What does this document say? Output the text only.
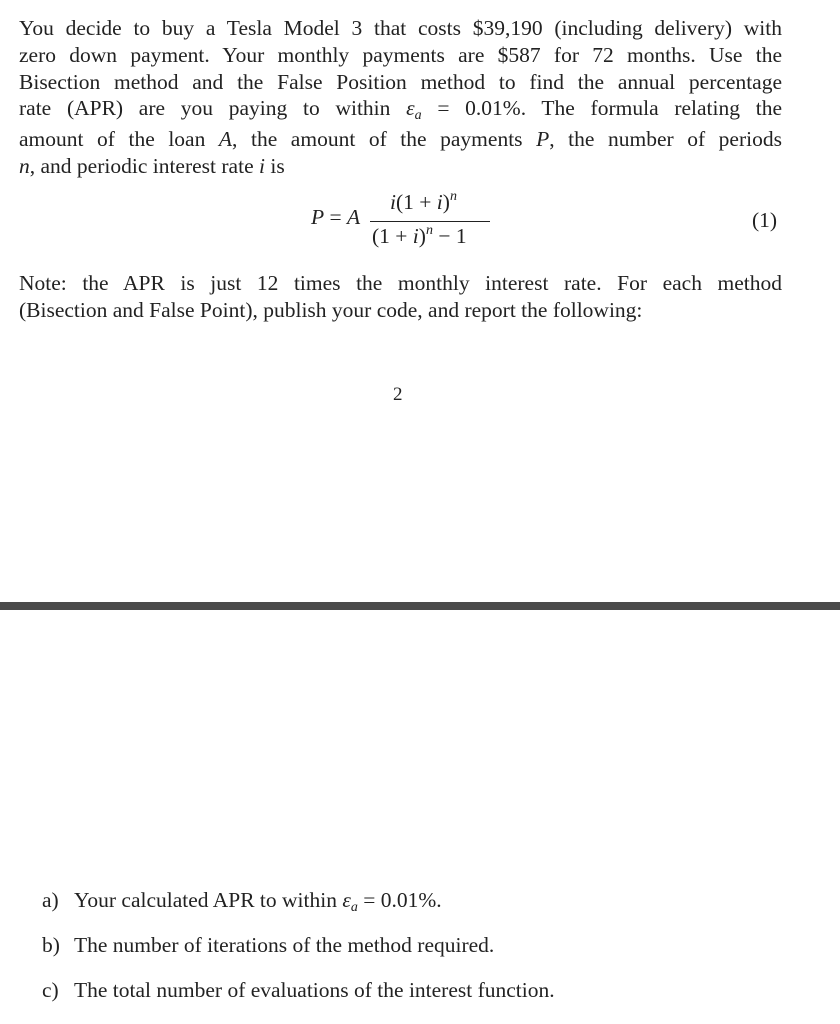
You decide to buy a Tesla Model 3 that costs $39,190 (including delivery) with
zero down payment. Your monthly payments are $587 for 72 months. Use the
Bisection method and the False Position method to find the annual percentage
rate (APR) are you paying to within εa = 0.01%. The formula relating the
amount of the loan A, the amount of the payments P, the number of periods
n, and periodic interest rate i is
P = A
$i(1 + i)^n$
$(1 + i)^n - 1$
(1)
Note: the APR is just 12 times the monthly interest rate. For each method
(Bisection and False Point), publish your code, and report the following:
2
a) Your calculated APR to within εa = 0.01%.
b) The number of iterations of the method required.
c) The total number of evaluations of the interest function.
